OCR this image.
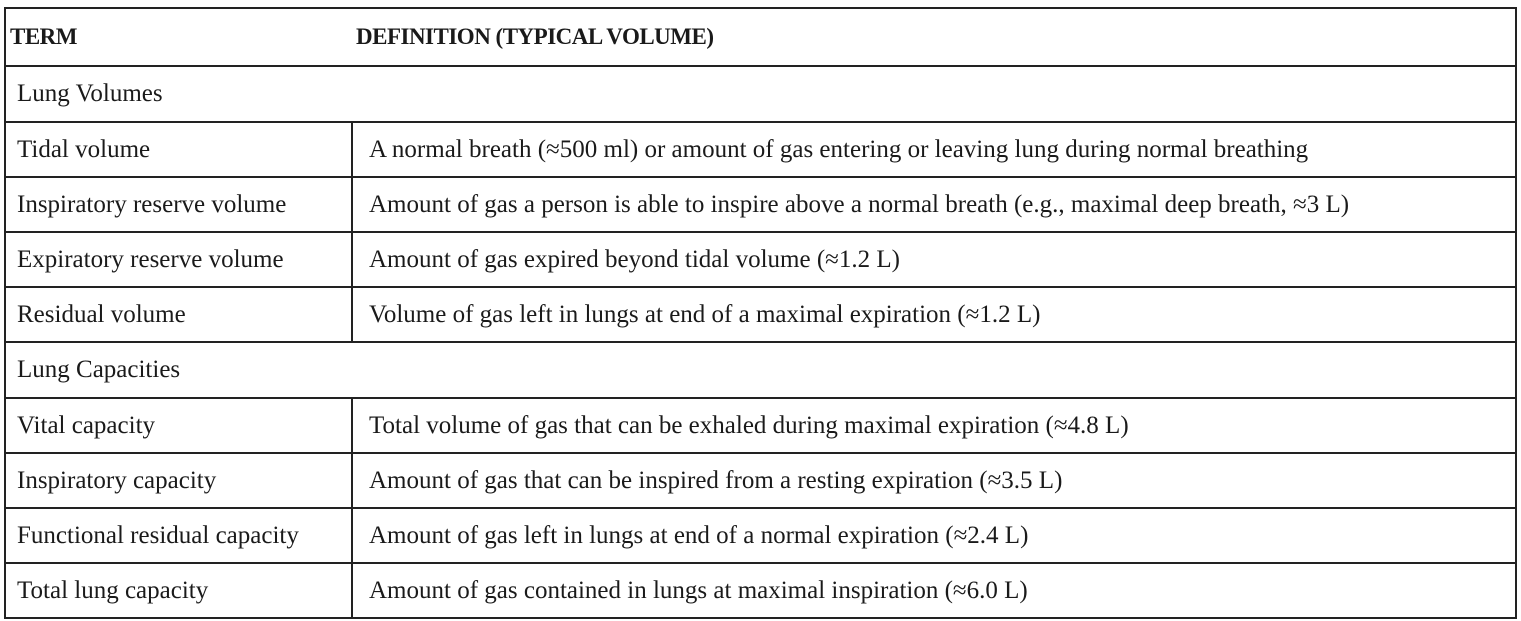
TERM	DEFINITION (TYPICAL VOLUME)
Lung Volumes
Tidal volume	A normal breath (≈500 ml) or amount of gas entering or leaving lung during normal breathing
Inspiratory reserve volume	Amount of gas a person is able to inspire above a normal breath (e.g., maximal deep breath, ≈3 L)
Expiratory reserve volume	Amount of gas expired beyond tidal volume (≈1.2 L)
Residual volume	Volume of gas left in lungs at end of a maximal expiration (≈1.2 L)
Lung Capacities
Vital capacity	Total volume of gas that can be exhaled during maximal expiration (≈4.8 L)
Inspiratory capacity	Amount of gas that can be inspired from a resting expiration (≈3.5 L)
Functional residual capacity	Amount of gas left in lungs at end of a normal expiration (≈2.4 L)
Total lung capacity	Amount of gas contained in lungs at maximal inspiration (≈6.0 L)
